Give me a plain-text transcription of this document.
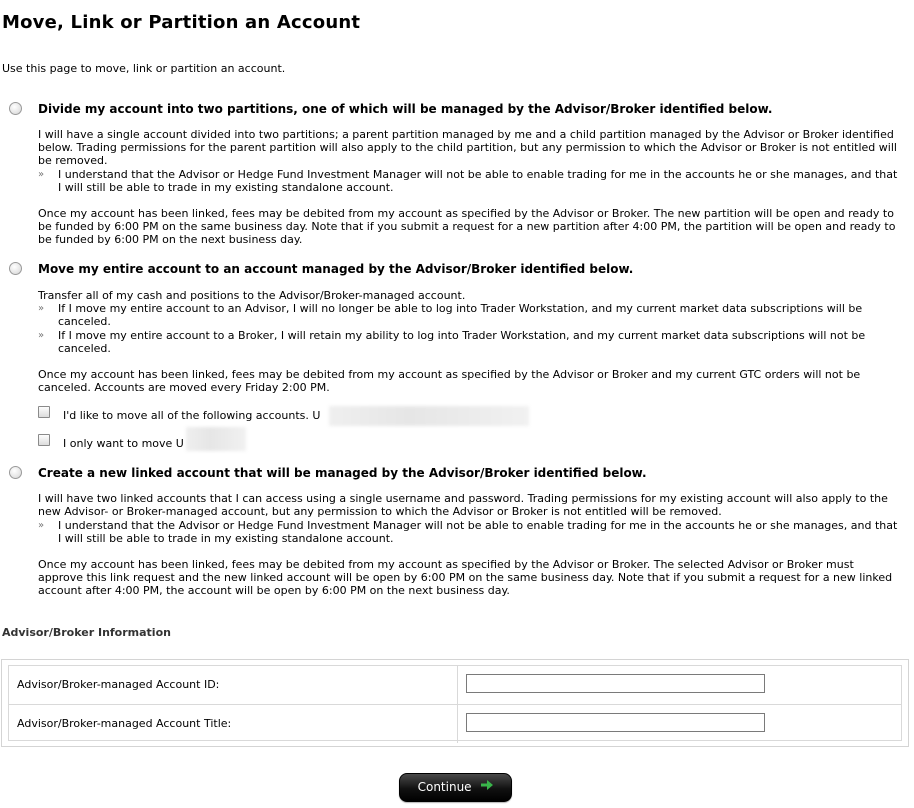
Move, Link or Partition an Account
Use this page to move, link or partition an account.
Divide my account into two partitions, one of which will be managed by the Advisor/Broker identified below.
I will have a single account divided into two partitions; a parent partition managed by me and a child partition managed by the Advisor or Broker identified below. Trading permissions for the parent partition will also apply to the child partition, but any permission to which the Advisor or Broker is not entitled will be removed.
» I understand that the Advisor or Hedge Fund Investment Manager will not be able to enable trading for me in the accounts he or she manages, and that I will still be able to trade in my existing standalone account.
Once my account has been linked, fees may be debited from my account as specified by the Advisor or Broker. The new partition will be open and ready to be funded by 6:00 PM on the same business day. Note that if you submit a request for a new partition after 4:00 PM, the partition will be open and ready to be funded by 6:00 PM on the next business day.
Move my entire account to an account managed by the Advisor/Broker identified below.
Transfer all of my cash and positions to the Advisor/Broker-managed account.
» If I move my entire account to an Advisor, I will no longer be able to log into Trader Workstation, and my current market data subscriptions will be canceled.
» If I move my entire account to a Broker, I will retain my ability to log into Trader Workstation, and my current market data subscriptions will not be canceled.
Once my account has been linked, fees may be debited from my account as specified by the Advisor or Broker and my current GTC orders will not be canceled. Accounts are moved every Friday 2:00 PM.
I'd like to move all of the following accounts. U
I only want to move U
Create a new linked account that will be managed by the Advisor/Broker identified below.
I will have two linked accounts that I can access using a single username and password. Trading permissions for my existing account will also apply to the new Advisor- or Broker-managed account, but any permission to which the Advisor or Broker is not entitled will be removed.
» I understand that the Advisor or Hedge Fund Investment Manager will not be able to enable trading for me in the accounts he or she manages, and that I will still be able to trade in my existing standalone account.
Once my account has been linked, fees may be debited from my account as specified by the Advisor or Broker. The selected Advisor or Broker must approve this link request and the new linked account will be open by 6:00 PM on the same business day. Note that if you submit a request for a new linked account after 4:00 PM, the account will be open by 6:00 PM on the next business day.
Advisor/Broker Information
Advisor/Broker-managed Account ID:
Advisor/Broker-managed Account Title:
Continue
